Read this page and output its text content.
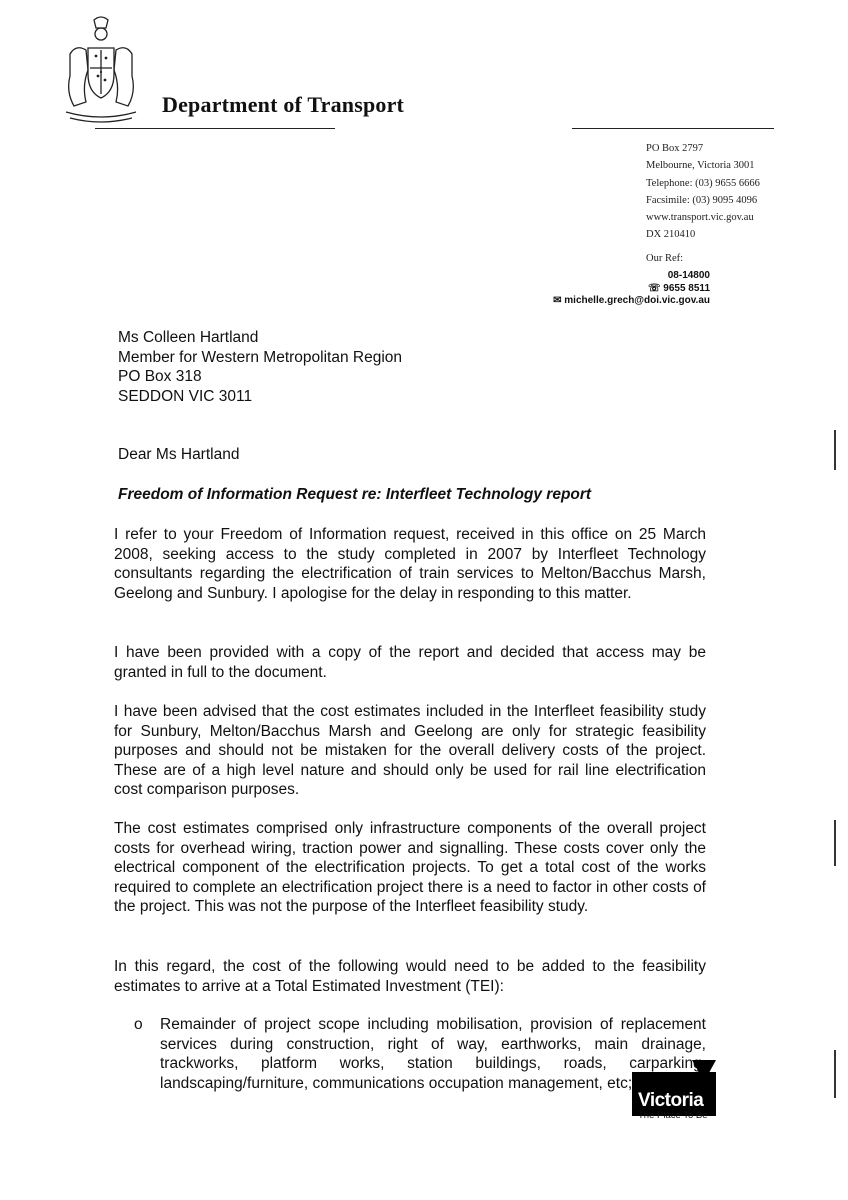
Department of Transport
PO Box 2797
Melbourne, Victoria 3001
Telephone: (03) 9655 6666
Facsimile: (03) 9095 4096
www.transport.vic.gov.au
DX 210410
Our Ref:
08-14800
☏ 9655 8511
✉ michelle.grech@doi.vic.gov.au
Ms Colleen Hartland
Member for Western Metropolitan Region
PO Box 318
SEDDON VIC 3011
Dear Ms Hartland
Freedom of Information Request re: Interfleet Technology report
I refer to your Freedom of Information request, received in this office on 25 March 2008, seeking access to the study completed in 2007 by Interfleet Technology consultants regarding the electrification of train services to Melton/Bacchus Marsh, Geelong and Sunbury. I apologise for the delay in responding to this matter.
I have been provided with a copy of the report and decided that access may be granted in full to the document.
I have been advised that the cost estimates included in the Interfleet feasibility study for Sunbury, Melton/Bacchus Marsh and Geelong are only for strategic feasibility purposes and should not be mistaken for the overall delivery costs of the project. These are of a high level nature and should only be used for rail line electrification cost comparison purposes.
The cost estimates comprised only infrastructure components of the overall project costs for overhead wiring, traction power and signalling. These costs cover only the electrical component of the electrification projects. To get a total cost of the works required to complete an electrification project there is a need to factor in other costs of the project. This was not the purpose of the Interfleet feasibility study.
In this regard, the cost of the following would need to be added to the feasibility estimates to arrive at a Total Estimated Investment (TEI):
o Remainder of project scope including mobilisation, provision of replacement services during construction, right of way, earthworks, main drainage, trackworks, platform works, station buildings, roads, carparking, landscaping/furniture, communications occupation management, etc;
Victoria
The Place To Be
